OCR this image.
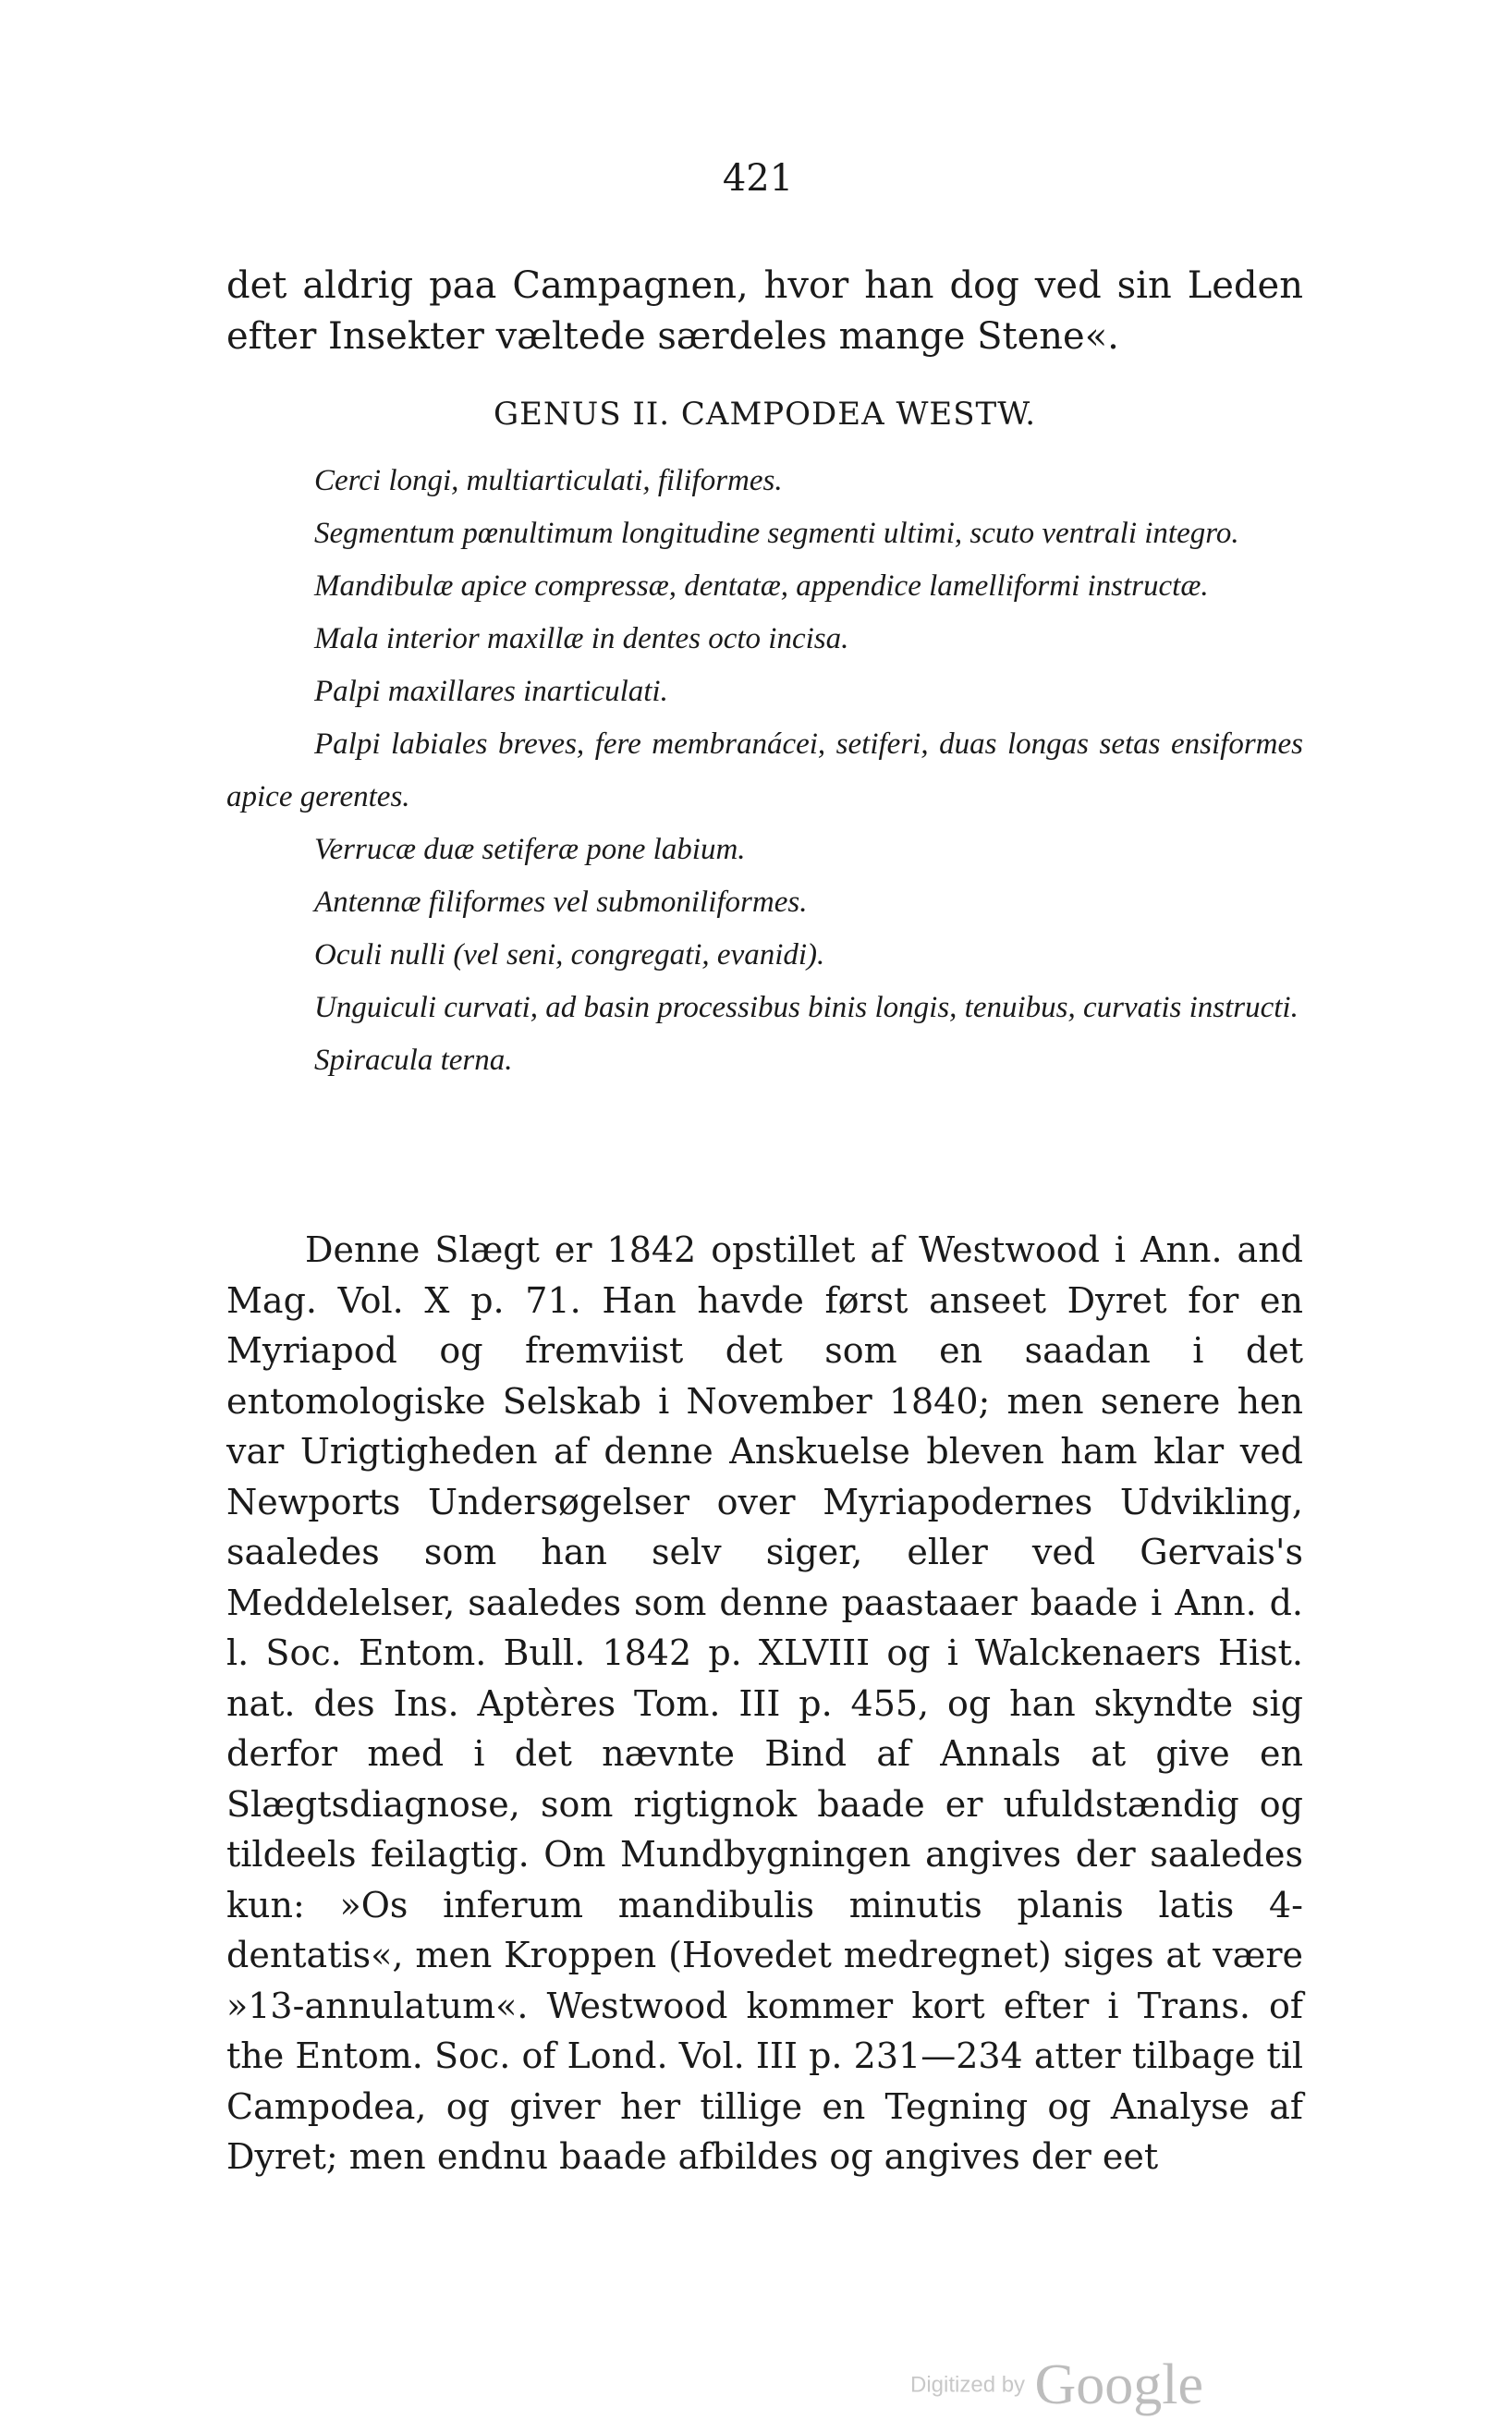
421

det aldrig paa Campagnen, hvor han dog ved sin Leden efter Insekter væltede særdeles mange Stene«.

GENUS II. CAMPODEA WESTW.

Cerci longi, multiarticulati, filiformes.

Segmentum pœnultimum longitudine segmenti ultimi, scuto ventrali integro.

Mandibulæ apice compressæ, dentatæ, appendice lamelliformi instructæ.

Mala interior maxillæ in dentes octo incisa.

Palpi maxillares inarticulati.

Palpi labiales breves, fere membranácei, setiferi, duas longas setas ensiformes apice gerentes.

Verrucæ duæ setiferæ pone labium.

Antennæ filiformes vel submoniliformes.

Oculi nulli (vel seni, congregati, evanidi).

Unguiculi curvati, ad basin processibus binis longis, tenuibus, curvatis instructi.

Spiracula terna.

Denne Slægt er 1842 opstillet af Westwood i Ann. and Mag. Vol. X p. 71. Han havde først anseet Dyret for en Myriapod og fremviist det som en saadan i det entomologiske Selskab i November 1840; men senere hen var Urigtigheden af denne Anskuelse bleven ham klar ved Newports Undersøgelser over Myriapodernes Udvikling, saaledes som han selv siger, eller ved Gervais's Meddelelser, saaledes som denne paastaaer baade i Ann. d. l. Soc. Entom. Bull. 1842 p. XLVIII og i Walckenaers Hist. nat. des Ins. Aptères Tom. III p. 455, og han skyndte sig derfor med i det nævnte Bind af Annals at give en Slægtsdiagnose, som rigtignok baade er ufuldstændig og tildeels feilagtig. Om Mundbygningen angives der saaledes kun: »Os inferum mandibulis minutis planis latis 4-dentatis«, men Kroppen (Hovedet medregnet) siges at være »13-annulatum«. Westwood kommer kort efter i Trans. of the Entom. Soc. of Lond. Vol. III p. 231—234 atter tilbage til Campodea, og giver her tillige en Tegning og Analyse af Dyret; men endnu baade afbildes og angives der eet

Digitized by Google
